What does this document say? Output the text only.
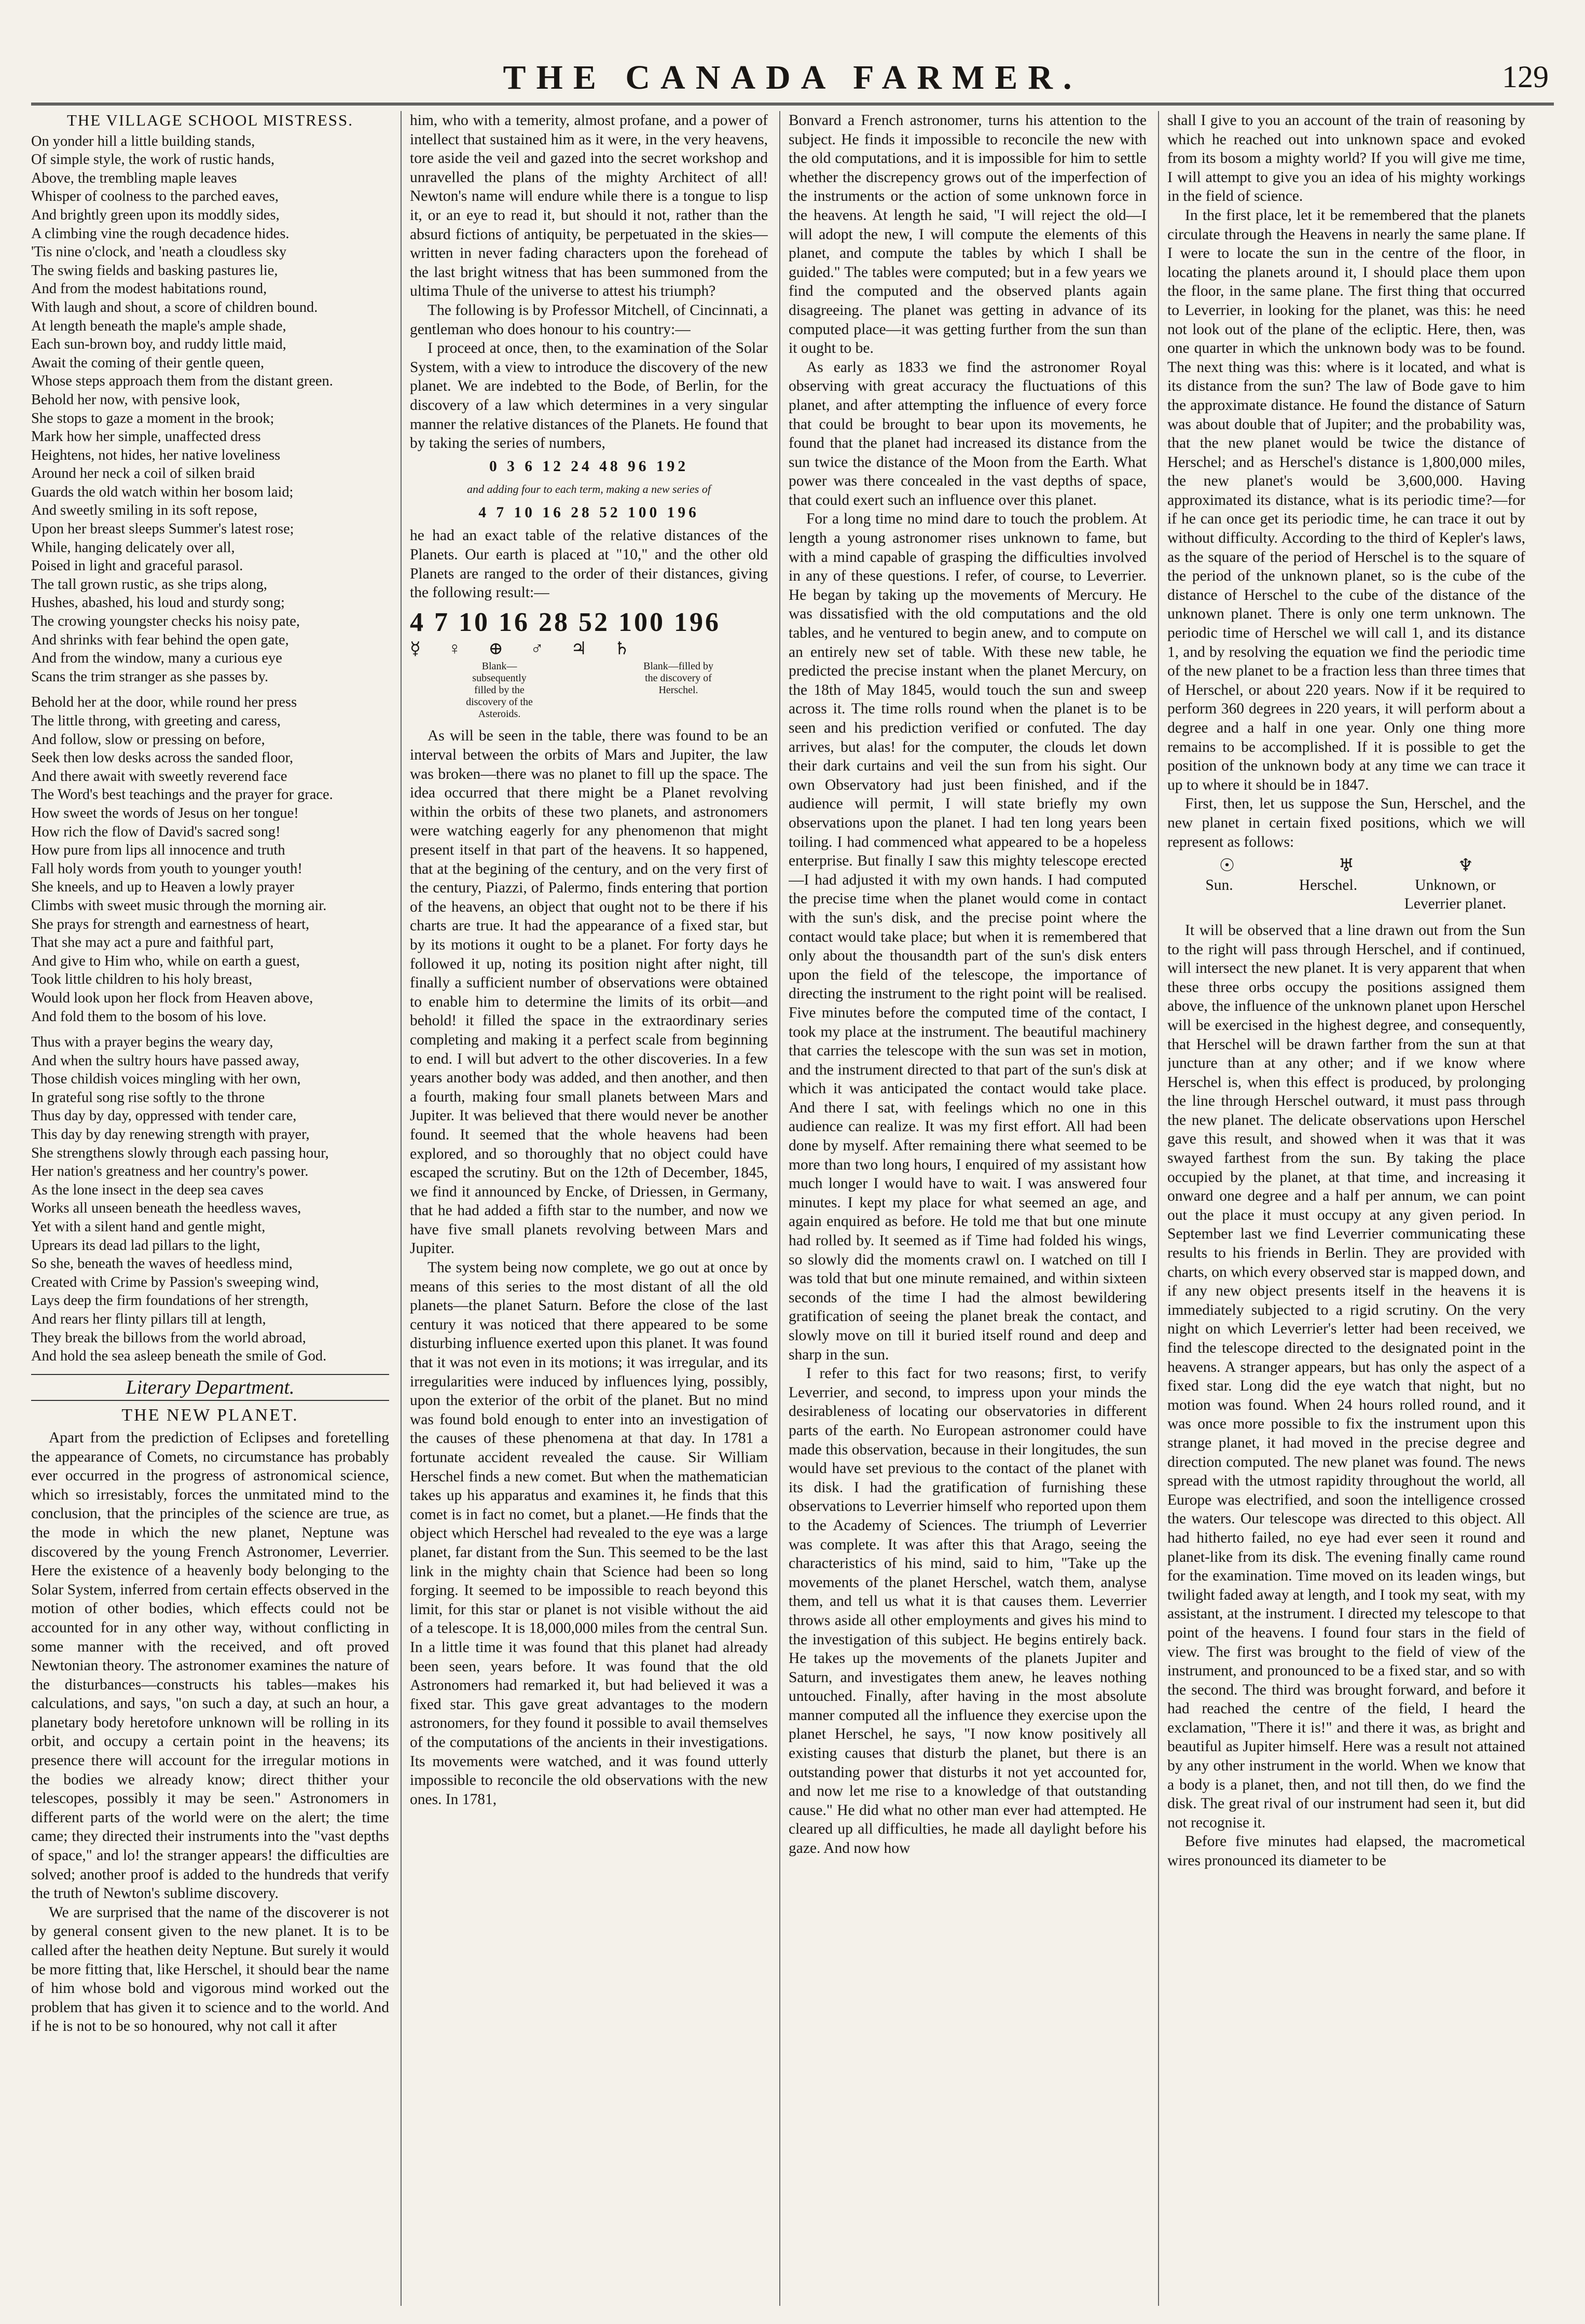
THE CANADA FARMER.	129
THE VILLAGE SCHOOL MISTRESS.
On yonder hill a little building stands,
Of simple style, the work of rustic hands,
Above, the trembling maple leaves
Whisper of coolness to the parched eaves,
And brightly green upon its moddly sides,
A climbing vine the rough decadence hides.
'Tis nine o'clock, and 'neath a cloudless sky
The swing fields and basking pastures lie,
And from the modest habitations round,
With laugh and shout, a score of children bound.
At length beneath the maple's ample shade,
Each sun-brown boy, and ruddy little maid,
Await the coming of their gentle queen,
Whose steps approach them from the distant green.
Behold her now, with pensive look,
She stops to gaze a moment in the brook;
Mark how her simple, unaffected dress
Heightens, not hides, her native loveliness
Around her neck a coil of silken braid
Guards the old watch within her bosom laid;
And sweetly smiling in its soft repose,
Upon her breast sleeps Summer's latest rose;
While, hanging delicately over all,
Poised in light and graceful parasol.
The tall grown rustic, as she trips along,
Hushes, abashed, his loud and sturdy song;
The crowing youngster checks his noisy pate,
And shrinks with fear behind the open gate,
And from the window, many a curious eye
Scans the trim stranger as she passes by.
Behold her at the door, while round her press
The little throng, with greeting and caress,
And follow, slow or pressing on before,
Seek then low desks across the sanded floor,
And there await with sweetly reverend face
The Word's best teachings and the prayer for grace.
How sweet the words of Jesus on her tongue!
How rich the flow of David's sacred song!
How pure from lips all innocence and truth
Fall holy words from youth to younger youth!
She kneels, and up to Heaven a lowly prayer
Climbs with sweet music through the morning air.
She prays for strength and earnestness of heart,
That she may act a pure and faithful part,
And give to Him who, while on earth a guest,
Took little children to his holy breast,
Would look upon her flock from Heaven above,
And fold them to the bosom of his love.
Thus with a prayer begins the weary day,
And when the sultry hours have passed away,
Those childish voices mingling with her own,
In grateful song rise softly to the throne
Thus day by day, oppressed with tender care,
This day by day renewing strength with prayer,
She strengthens slowly through each passing hour,
Her nation's greatness and her country's power.
As the lone insect in the deep sea caves
Works all unseen beneath the heedless waves,
Yet with a silent hand and gentle might,
Uprears its dead lad pillars to the light,
So she, beneath the waves of heedless mind,
Created with Crime by Passion's sweeping wind,
Lays deep the firm foundations of her strength,
And rears her flinty pillars till at length,
They break the billows from the world abroad,
And hold the sea asleep beneath the smile of God.
Literary Department.
THE NEW PLANET.

Apart from the prediction of Eclipses and foretelling the appearance of Comets, no circumstance has probably ever occurred in the progress of astronomical science, which so irresistably, forces the unmitated mind to the conclusion, that the principles of the science are true, as the mode in which the new planet, Neptune was discovered by the young French Astronomer, Leverrier. Here the existence of a heavenly body belonging to the Solar System, inferred from certain effects observed in the motion of other bodies, which effects could not be accounted for in any other way, without conflicting in some manner with the received, and oft proved Newtonian theory. The astronomer examines the nature of the disturbances—constructs his tables—makes his calculations, and says, "on such a day, at such an hour, a planetary body heretofore unknown will be rolling in its orbit, and occupy a certain point in the heavens; its presence there will account for the irregular motions in the bodies we already know; direct thither your telescopes, possibly it may be seen." Astronomers in different parts of the world were on the alert; the time came; they directed their instruments into the "vast depths of space," and lo! the stranger appears! the difficulties are solved; another proof is added to the hundreds that verify the truth of Newton's sublime discovery.

We are surprised that the name of the discoverer is not by general consent given to the new planet. It is to be called after the heathen deity Neptune. But surely it would be more fitting that, like Herschel, it should bear the name of him whose bold and vigorous mind worked out the problem that has given it to science and to the world. And if he is not to be so honoured, why not call it after

him, who with a temerity, almost profane, and a power of intellect that sustained him as it were, in the very heavens, tore aside the veil and gazed into the secret workshop and unravelled the plans of the mighty Architect of all! Newton's name will endure while there is a tongue to lisp it, or an eye to read it, but should it not, rather than the absurd fictions of antiquity, be perpetuated in the skies—written in never fading characters upon the forehead of the last bright witness that has been summoned from the ultima Thule of the universe to attest his triumph?

The following is by Professor Mitchell, of Cincinnati, a gentleman who does honour to his country:—

I proceed at once, then, to the examination of the Solar System, with a view to introduce the discovery of the new planet. We are indebted to the Bode, of Berlin, for the discovery of a law which determines in a very singular manner the relative distances of the Planets. He found that by taking the series of numbers,

0 3 6 12 24 48 96 192
and adding four to each term, making a new series of
4 7 10 16 28 52 100 196

he had an exact table of the relative distances of the Planets. Our earth is placed at "10," and the other old Planets are ranged to the order of their distances, giving the following result:—

4 7 10 16 28 52 100 196
☿ ♀ ⊕ ♂ ♃ ♄
Blank—subsequently filled by the discovery of the Asteroids.
Blank—filled by the discovery of Herschel.

As will be seen in the table, there was found to be an interval between the orbits of Mars and Jupiter, the law was broken—there was no planet to fill up the space. The idea occurred that there might be a Planet revolving within the orbits of these two planets, and astronomers were watching eagerly for any phenomenon that might present itself in that part of the heavens. It so happened, that at the begining of the century, and on the very first of the century, Piazzi, of Palermo, finds entering that portion of the heavens, an object that ought not to be there if his charts are true. It had the appearance of a fixed star, but by its motions it ought to be a planet. For forty days he followed it up, noting its position night after night, till finally a sufficient number of observations were obtained to enable him to determine the limits of its orbit—and behold! it filled the space in the extraordinary series completing and making it a perfect scale from beginning to end. I will but advert to the other discoveries. In a few years another body was added, and then another, and then a fourth, making four small planets between Mars and Jupiter. It was believed that there would never be another found. It seemed that the whole heavens had been explored, and so thoroughly that no object could have escaped the scrutiny. But on the 12th of December, 1845, we find it announced by Encke, of Driessen, in Germany, that he had added a fifth star to the number, and now we have five small planets revolving between Mars and Jupiter.

The system being now complete, we go out at once by means of this series to the most distant of all the old planets—the planet Saturn. Before the close of the last century it was noticed that there appeared to be some disturbing influence exerted upon this planet. It was found that it was not even in its motions; it was irregular, and its irregularities were induced by influences lying, possibly, upon the exterior of the orbit of the planet. But no mind was found bold enough to enter into an investigation of the causes of these phenomena at that day. In 1781 a fortunate accident revealed the cause. Sir William Herschel finds a new comet. But when the mathematician takes up his apparatus and examines it, he finds that this comet is in fact no comet, but a planet.—He finds that the object which Herschel had revealed to the eye was a large planet, far distant from the Sun. This seemed to be the last link in the mighty chain that Science had been so long forging. It seemed to be impossible to reach beyond this limit, for this star or planet is not visible without the aid of a telescope. It is 18,000,000 miles from the central Sun. In a little time it was found that this planet had already been seen, years before. It was found that the old Astronomers had remarked it, but had believed it was a fixed star. This gave great advantages to the modern astronomers, for they found it possible to avail themselves of the computations of the ancients in their investigations. Its movements were watched, and it was found utterly impossible to reconcile the old observations with the new ones. In 1781,

Bonvard a French astronomer, turns his attention to the subject. He finds it impossible to reconcile the new with the old computations, and it is impossible for him to settle whether the discrepency grows out of the imperfection of the instruments or the action of some unknown force in the heavens. At length he said, "I will reject the old—I will adopt the new, I will compute the elements of this planet, and compute the tables by which I shall be guided." The tables were computed; but in a few years we find the computed and the observed plants again disagreeing. The planet was getting in advance of its computed place—it was getting further from the sun than it ought to be.

As early as 1833 we find the astronomer Royal observing with great accuracy the fluctuations of this planet, and after attempting the influence of every force that could be brought to bear upon its movements, he found that the planet had increased its distance from the sun twice the distance of the Moon from the Earth. What power was there concealed in the vast depths of space, that could exert such an influence over this planet.

For a long time no mind dare to touch the problem. At length a young astronomer rises unknown to fame, but with a mind capable of grasping the difficulties involved in any of these questions. I refer, of course, to Leverrier. He began by taking up the movements of Mercury. He was dissatisfied with the old computations and the old tables, and he ventured to begin anew, and to compute on an entirely new set of table. With these new table, he predicted the precise instant when the planet Mercury, on the 18th of May 1845, would touch the sun and sweep across it. The time rolls round when the planet is to be seen and his prediction verified or confuted. The day arrives, but alas! for the computer, the clouds let down their dark curtains and veil the sun from his sight. Our own Observatory had just been finished, and if the audience will permit, I will state briefly my own observations upon the planet. I had ten long years been toiling. I had commenced what appeared to be a hopeless enterprise. But finally I saw this mighty telescope erected—I had adjusted it with my own hands. I had computed the precise time when the planet would come in contact with the sun's disk, and the precise point where the contact would take place; but when it is remembered that only about the thousandth part of the sun's disk enters upon the field of the telescope, the importance of directing the instrument to the right point will be realised. Five minutes before the computed time of the contact, I took my place at the instrument. The beautiful machinery that carries the telescope with the sun was set in motion, and the instrument directed to that part of the sun's disk at which it was anticipated the contact would take place. And there I sat, with feelings which no one in this audience can realize. It was my first effort. All had been done by myself. After remaining there what seemed to be more than two long hours, I enquired of my assistant how much longer I would have to wait. I was answered four minutes. I kept my place for what seemed an age, and again enquired as before. He told me that but one minute had rolled by. It seemed as if Time had folded his wings, so slowly did the moments crawl on. I watched on till I was told that but one minute remained, and within sixteen seconds of the time I had the almost bewildering gratification of seeing the planet break the contact, and slowly move on till it buried itself round and deep and sharp in the sun.

I refer to this fact for two reasons; first, to verify Leverrier, and second, to impress upon your minds the desirableness of locating our observatories in different parts of the earth. No European astronomer could have made this observation, because in their longitudes, the sun would have set previous to the contact of the planet with its disk. I had the gratification of furnishing these observations to Leverrier himself who reported upon them to the Academy of Sciences. The triumph of Leverrier was complete. It was after this that Arago, seeing the characteristics of his mind, said to him, "Take up the movements of the planet Herschel, watch them, analyse them, and tell us what it is that causes them. Leverrier throws aside all other employments and gives his mind to the investigation of this subject. He begins entirely back. He takes up the movements of the planets Jupiter and Saturn, and investigates them anew, he leaves nothing untouched. Finally, after having in the most absolute manner computed all the influence they exercise upon the planet Herschel, he says, "I now know positively all existing causes that disturb the planet, but there is an outstanding power that disturbs it not yet accounted for, and now let me rise to a knowledge of that outstanding cause." He did what no other man ever had attempted. He cleared up all difficulties, he made all daylight before his gaze. And now how

shall I give to you an account of the train of reasoning by which he reached out into unknown space and evoked from its bosom a mighty world? If you will give me time, I will attempt to give you an idea of his mighty workings in the field of science.

In the first place, let it be remembered that the planets circulate through the Heavens in nearly the same plane. If I were to locate the sun in the centre of the floor, in locating the planets around it, I should place them upon the floor, in the same plane. The first thing that occurred to Leverrier, in looking for the planet, was this: he need not look out of the plane of the ecliptic. Here, then, was one quarter in which the unknown body was to be found. The next thing was this: where is it located, and what is its distance from the sun? The law of Bode gave to him the approximate distance. He found the distance of Saturn was about double that of Jupiter; and the probability was, that the new planet would be twice the distance of Herschel; and as Herschel's distance is 1,800,000 miles, the new planet's would be 3,600,000. Having approximated its distance, what is its periodic time?—for if he can once get its periodic time, he can trace it out by without difficulty. According to the third of Kepler's laws, as the square of the period of Herschel is to the square of the period of the unknown planet, so is the cube of the distance of Herschel to the cube of the distance of the unknown planet. There is only one term unknown. The periodic time of Herschel we will call 1, and its distance 1, and by resolving the equation we find the periodic time of the new planet to be a fraction less than three times that of Herschel, or about 220 years. Now if it be required to perform 360 degrees in 220 years, it will perform about a degree and a half in one year. Only one thing more remains to be accomplished. If it is possible to get the position of the unknown body at any time we can trace it up to where it should be in 1847.

First, then, let us suppose the Sun, Herschel, and the new planet in certain fixed positions, which we will represent as follows:

☉	♅	♆
Sun.	Herschel.	Unknown, or Leverrier planet.

It will be observed that a line drawn out from the Sun to the right will pass through Herschel, and if continued, will intersect the new planet. It is very apparent that when these three orbs occupy the positions assigned them above, the influence of the unknown planet upon Herschel will be exercised in the highest degree, and consequently, that Herschel will be drawn farther from the sun at that juncture than at any other; and if we know where Herschel is, when this effect is produced, by prolonging the line through Herschel outward, it must pass through the new planet. The delicate observations upon Herschel gave this result, and showed when it was that it was swayed farthest from the sun. By taking the place occupied by the planet, at that time, and increasing it onward one degree and a half per annum, we can point out the place it must occupy at any given period. In September last we find Leverrier communicating these results to his friends in Berlin. They are provided with charts, on which every observed star is mapped down, and if any new object presents itself in the heavens it is immediately subjected to a rigid scrutiny. On the very night on which Leverrier's letter had been received, we find the telescope directed to the designated point in the heavens. A stranger appears, but has only the aspect of a fixed star. Long did the eye watch that night, but no motion was found. When 24 hours rolled round, and it was once more possible to fix the instrument upon this strange planet, it had moved in the precise degree and direction computed. The new planet was found. The news spread with the utmost rapidity throughout the world, all Europe was electrified, and soon the intelligence crossed the waters. Our telescope was directed to this object. All had hitherto failed, no eye had ever seen it round and planet-like from its disk. The evening finally came round for the examination. Time moved on its leaden wings, but twilight faded away at length, and I took my seat, with my assistant, at the instrument. I directed my telescope to that point of the heavens. I found four stars in the field of view. The first was brought to the field of view of the instrument, and pronounced to be a fixed star, and so with the second. The third was brought forward, and before it had reached the centre of the field, I heard the exclamation, "There it is!" and there it was, as bright and beautiful as Jupiter himself. Here was a result not attained by any other instrument in the world. When we know that a body is a planet, then, and not till then, do we find the disk. The great rival of our instrument had seen it, but did not recognise it.

Before five minutes had elapsed, the macrometical wires pronounced its diameter to be
